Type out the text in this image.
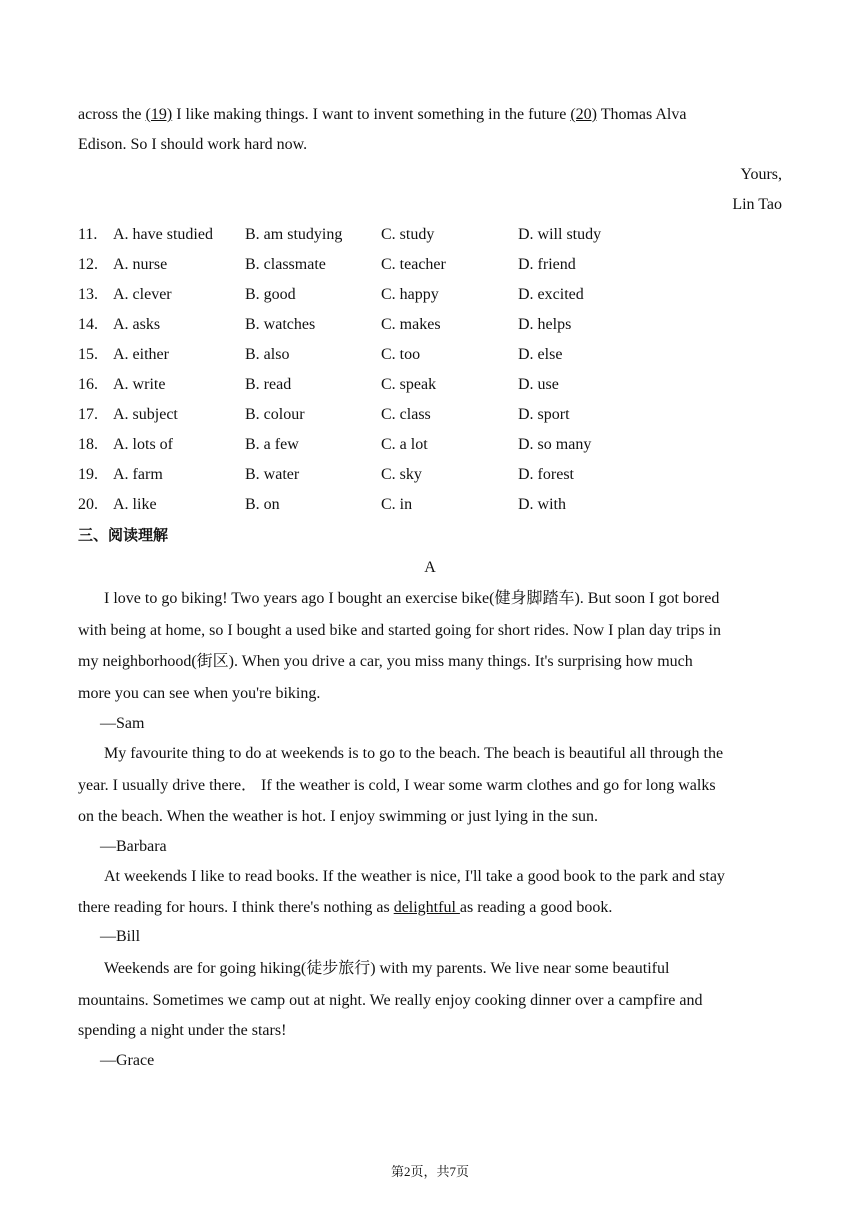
across the (19) I like making things. I want to invent something in the future (20) Thomas Alva
Edison. So I should work hard now.
Yours,
Lin Tao
11. A. have studied B. am studying C. study	D. will study
12. A. nurse	B. classmate	C. teacher	D. friend
13. A. clever	B. good	C. happy	D. excited
14. A. asks	B. watches	C. makes	D. helps
15. A. either	B. also	C. too	D. else
16. A. write	B. read	C. speak	D. use
17. A. subject	B. colour	C. class	D. sport
18. A. lots of	B. a few	C. a lot	D. so many
19. A. farm	B. water	C. sky	D. forest
20. A. like	B. on	C. in	D. with
三、阅读理解
A
I love to go biking! Two years ago I bought an exercise bike(健身脚踏车). But soon I got bored
with being at home, so I bought a used bike and started going for short rides. Now I plan day trips in
my neighborhood(街区). When you drive a car, you miss many things. It's surprising how much
more you can see when you're biking.
—Sam
My favourite thing to do at weekends is to go to the beach. The beach is beautiful all through the
year. I usually drive there． If the weather is cold, I wear some warm clothes and go for long walks
on the beach. When the weather is hot. I enjoy swimming or just lying in the sun.
—Barbara
At weekends I like to read books. If the weather is nice, I'll take a good book to the park and stay
there reading for hours. I think there's nothing as delightful as reading a good book.
—Bill
Weekends are for going hiking(徒步旅行) with my parents. We live near some beautiful
mountains. Sometimes we camp out at night. We really enjoy cooking dinner over a campfire and
spending a night under the stars!
—Grace
第2页，共7页
